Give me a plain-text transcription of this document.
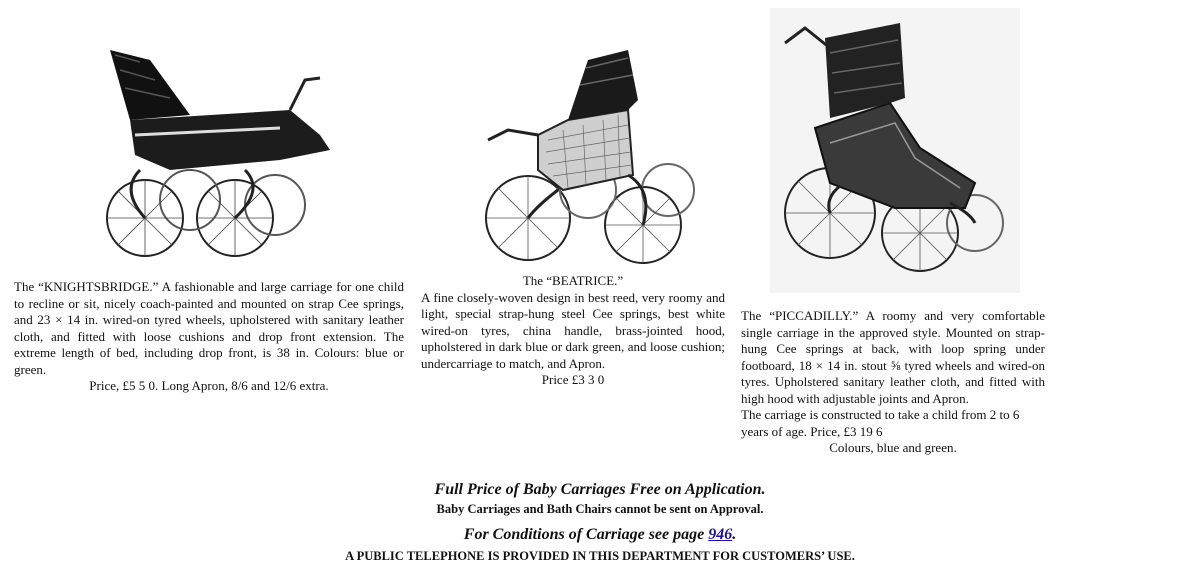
The “KNIGHTSBRIDGE.” A fashionable and large carriage for one child to recline or sit, nicely coach-painted and mounted on strap Cee springs, and 23 × 14 in. wired-on tyred wheels, upholstered with sanitary leather cloth, and fitted with loose cushions and drop front extension. The extreme length of bed, including drop front, is 38 in. Colours: blue or green.
Price, £5 5 0. Long Apron, 8/6 and 12/6 extra.
The “BEATRICE.”
A fine closely-woven design in best reed, very roomy and light, special strap-hung steel Cee springs, best white wired-on tyres, china handle, brass-jointed hood, upholstered in dark blue or dark green, and loose cushion; undercarriage to match, and Apron.
Price £3 3 0
The “PICCADILLY.” A roomy and very comfortable single carriage in the approved style. Mounted on strap-hung Cee springs at back, with loop spring under footboard, 18 × 14 in. stout ⅝ tyred wheels and wired-on tyres. Upholstered sanitary leather cloth, and fitted with high hood with adjustable joints and Apron.
The carriage is constructed to take a child from 2 to 6 years of age. Price, £3 19 6
Colours, blue and green.
Full Price of Baby Carriages Free on Application.
Baby Carriages and Bath Chairs cannot be sent on Approval.
For Conditions of Carriage see page 946.
A PUBLIC TELEPHONE IS PROVIDED IN THIS DEPARTMENT FOR CUSTOMERS’ USE.
